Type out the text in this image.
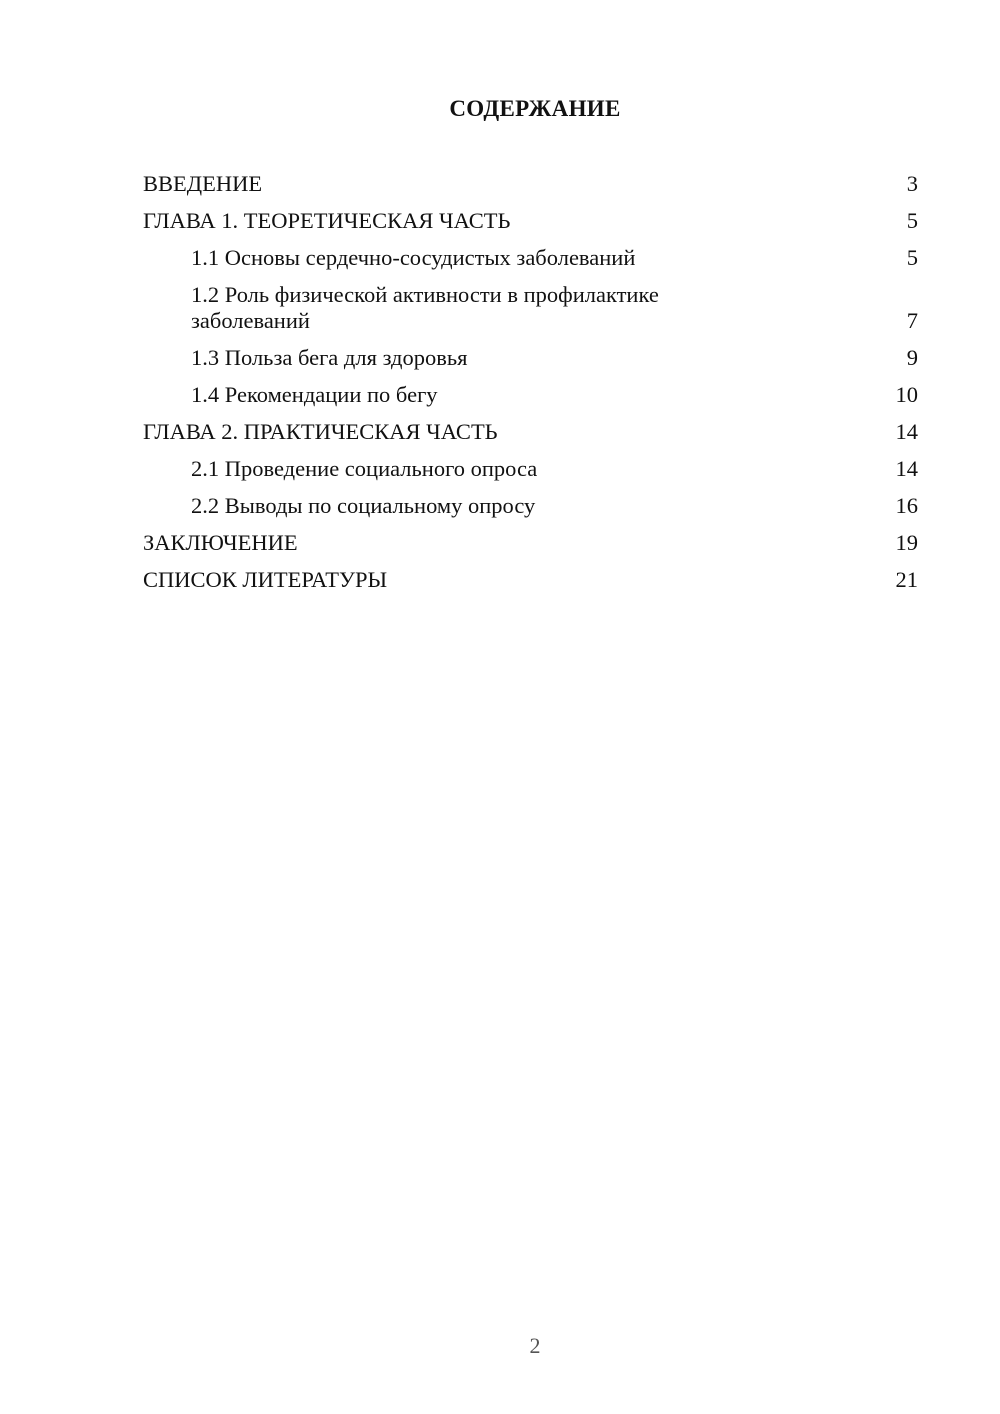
СОДЕРЖАНИЕ
ВВЕДЕНИЕ	3
ГЛАВА 1. ТЕОРЕТИЧЕСКАЯ ЧАСТЬ	5
1.1 Основы сердечно-сосудистых заболеваний	5
1.2 Роль физической активности в профилактике заболеваний	7
1.3 Польза бега для здоровья	9
1.4 Рекомендации по бегу	10
ГЛАВА 2. ПРАКТИЧЕСКАЯ ЧАСТЬ	14
2.1 Проведение социального опроса	14
2.2 Выводы по социальному опросу	16
ЗАКЛЮЧЕНИЕ	19
СПИСОК ЛИТЕРАТУРЫ	21
2
